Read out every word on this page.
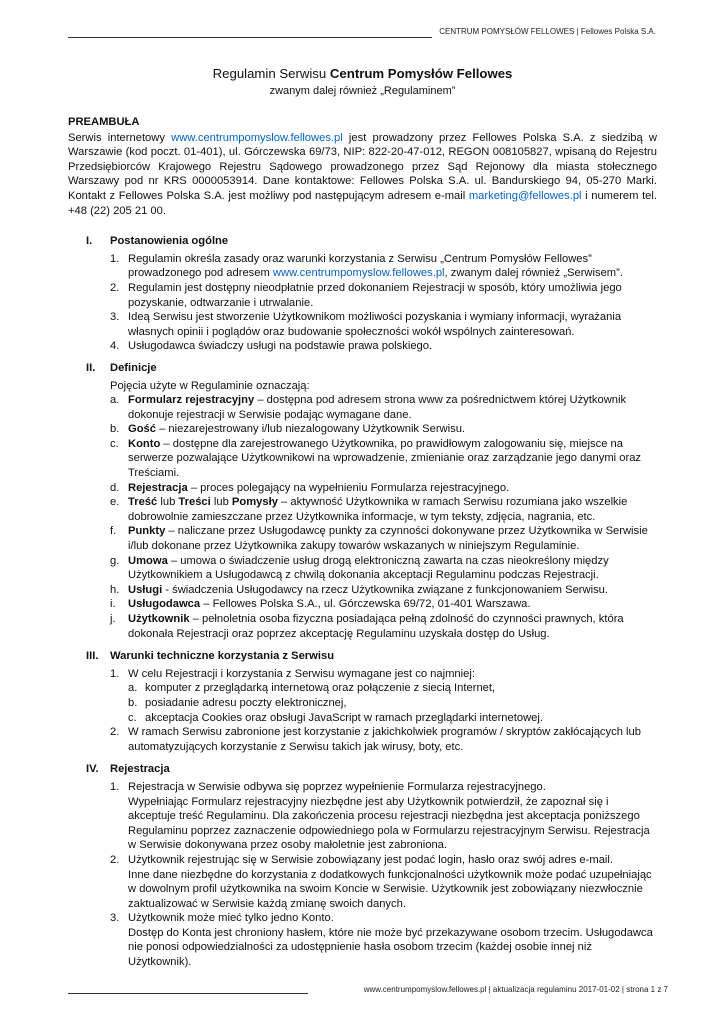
CENTRUM POMYSŁÓW FELLOWES | Fellowes Polska S.A.
Regulamin Serwisu Centrum Pomysłów Fellowes
zwanym dalej również „Regulaminem”

PREAMBUŁA

Serwis internetowy www.centrumpomyslow.fellowes.pl jest prowadzony przez Fellowes Polska S.A. z siedzibą w Warszawie (kod poczt. 01-401), ul. Górczewska 69/73, NIP: 822-20-47-012, REGON 008105827, wpisaną do Rejestru Przedsiębiorców Krajowego Rejestru Sądowego prowadzonego przez Sąd Rejonowy dla miasta stołecznego Warszawy pod nr KRS 0000053914. Dane kontaktowe: Fellowes Polska S.A. ul. Bandurskiego 94, 05-270 Marki. Kontakt z Fellowes Polska S.A. jest możliwy pod następującym adresem e-mail marketing@fellowes.pl i numerem tel. +48 (22) 205 21 00.

I. Postanowienia ogólne
1. Regulamin określa zasady oraz warunki korzystania z Serwisu „Centrum Pomysłów Fellowes” prowadzonego pod adresem www.centrumpomyslow.fellowes.pl, zwanym dalej również „Serwisem”.
2. Regulamin jest dostępny nieodpłatnie przed dokonaniem Rejestracji w sposób, który umożliwia jego pozyskanie, odtwarzanie i utrwalanie.
3. Ideą Serwisu jest stworzenie Użytkownikom możliwości pozyskania i wymiany informacji, wyrażania własnych opinii i poglądów oraz budowanie społeczności wokół wspólnych zainteresowań.
4. Usługodawca świadczy usługi na podstawie prawa polskiego.
II. Definicje
Pojęcia użyte w Regulaminie oznaczają:
a. Formularz rejestracyjny – dostępna pod adresem strona www za pośrednictwem której Użytkownik dokonuje rejestracji w Serwisie podając wymagane dane.
b. Gość – niezarejestrowany i/lub niezalogowany Użytkownik Serwisu.
c. Konto – dostępne dla zarejestrowanego Użytkownika, po prawidłowym zalogowaniu się, miejsce na serwerze pozwalające Użytkownikowi na wprowadzenie, zmienianie oraz zarządzanie jego danymi oraz Treściami.
d. Rejestracja – proces polegający na wypełnieniu Formularza rejestracyjnego.
e. Treść lub Treści lub Pomysły – aktywność Użytkownika w ramach Serwisu rozumiana jako wszelkie dobrowolnie zamieszczane przez Użytkownika informacje, w tym teksty, zdjęcia, nagrania, etc.
f. Punkty – naliczane przez Usługodawcę punkty za czynności dokonywane przez Użytkownika w Serwisie i/lub dokonane przez Użytkownika zakupy towarów wskazanych w niniejszym Regulaminie.
g. Umowa – umowa o świadczenie usług drogą elektroniczną zawarta na czas nieokreślony między Użytkownikiem a Usługodawcą z chwilą dokonania akceptacji Regulaminu podczas Rejestracji.
h. Usługi - świadczenia Usługodawcy na rzecz Użytkownika związane z funkcjonowaniem Serwisu.
i. Usługodawca – Fellowes Polska S.A., ul. Górczewska 69/72, 01-401 Warszawa.
j. Użytkownik – pełnoletnia osoba fizyczna posiadająca pełną zdolność do czynności prawnych, która dokonała Rejestracji oraz poprzez akceptację Regulaminu uzyskała dostęp do Usług.
III. Warunki techniczne korzystania z Serwisu
1. W celu Rejestracji i korzystania z Serwisu wymagane jest co najmniej:
a. komputer z przeglądarką internetową oraz połączenie z siecią Internet,
b. posiadanie adresu poczty elektronicznej,
c. akceptacja Cookies oraz obsługi JavaScript w ramach przeglądarki internetowej.
2. W ramach Serwisu zabronione jest korzystanie z jakichkolwiek programów / skryptów zakłócających lub automatyzujących korzystanie z Serwisu takich jak wirusy, boty, etc.
IV. Rejestracja
1. Rejestracja w Serwisie odbywa się poprzez wypełnienie Formularza rejestracyjnego.
Wypełniając Formularz rejestracyjny niezbędne jest aby Użytkownik potwierdził, że zapoznał się i akceptuje treść Regulaminu. Dla zakończenia procesu rejestracji niezbędna jest akceptacja poniższego Regulaminu poprzez zaznaczenie odpowiedniego pola w Formularzu rejestracyjnym Serwisu. Rejestracja w Serwisie dokonywana przez osoby małoletnie jest zabroniona.
2. Użytkownik rejestrując się w Serwisie zobowiązany jest podać login, hasło oraz swój adres e-mail.
Inne dane niezbędne do korzystania z dodatkowych funkcjonalności użytkownik może podać uzupełniając w dowolnym profil użytkownika na swoim Koncie w Serwisie. Użytkownik jest zobowiązany niezwłocznie zaktualizować w Serwisie każdą zmianę swoich danych.
3. Użytkownik może mieć tylko jedno Konto.
Dostęp do Konta jest chroniony hasłem, które nie może być przekazywane osobom trzecim. Usługodawca nie ponosi odpowiedzialności za udostępnienie hasła osobom trzecim (każdej osobie innej niż Użytkownik).
www.centrumpomyslow.fellowes.pl | aktualizacja regulaminu 2017-01-02 | strona 1 z 7
